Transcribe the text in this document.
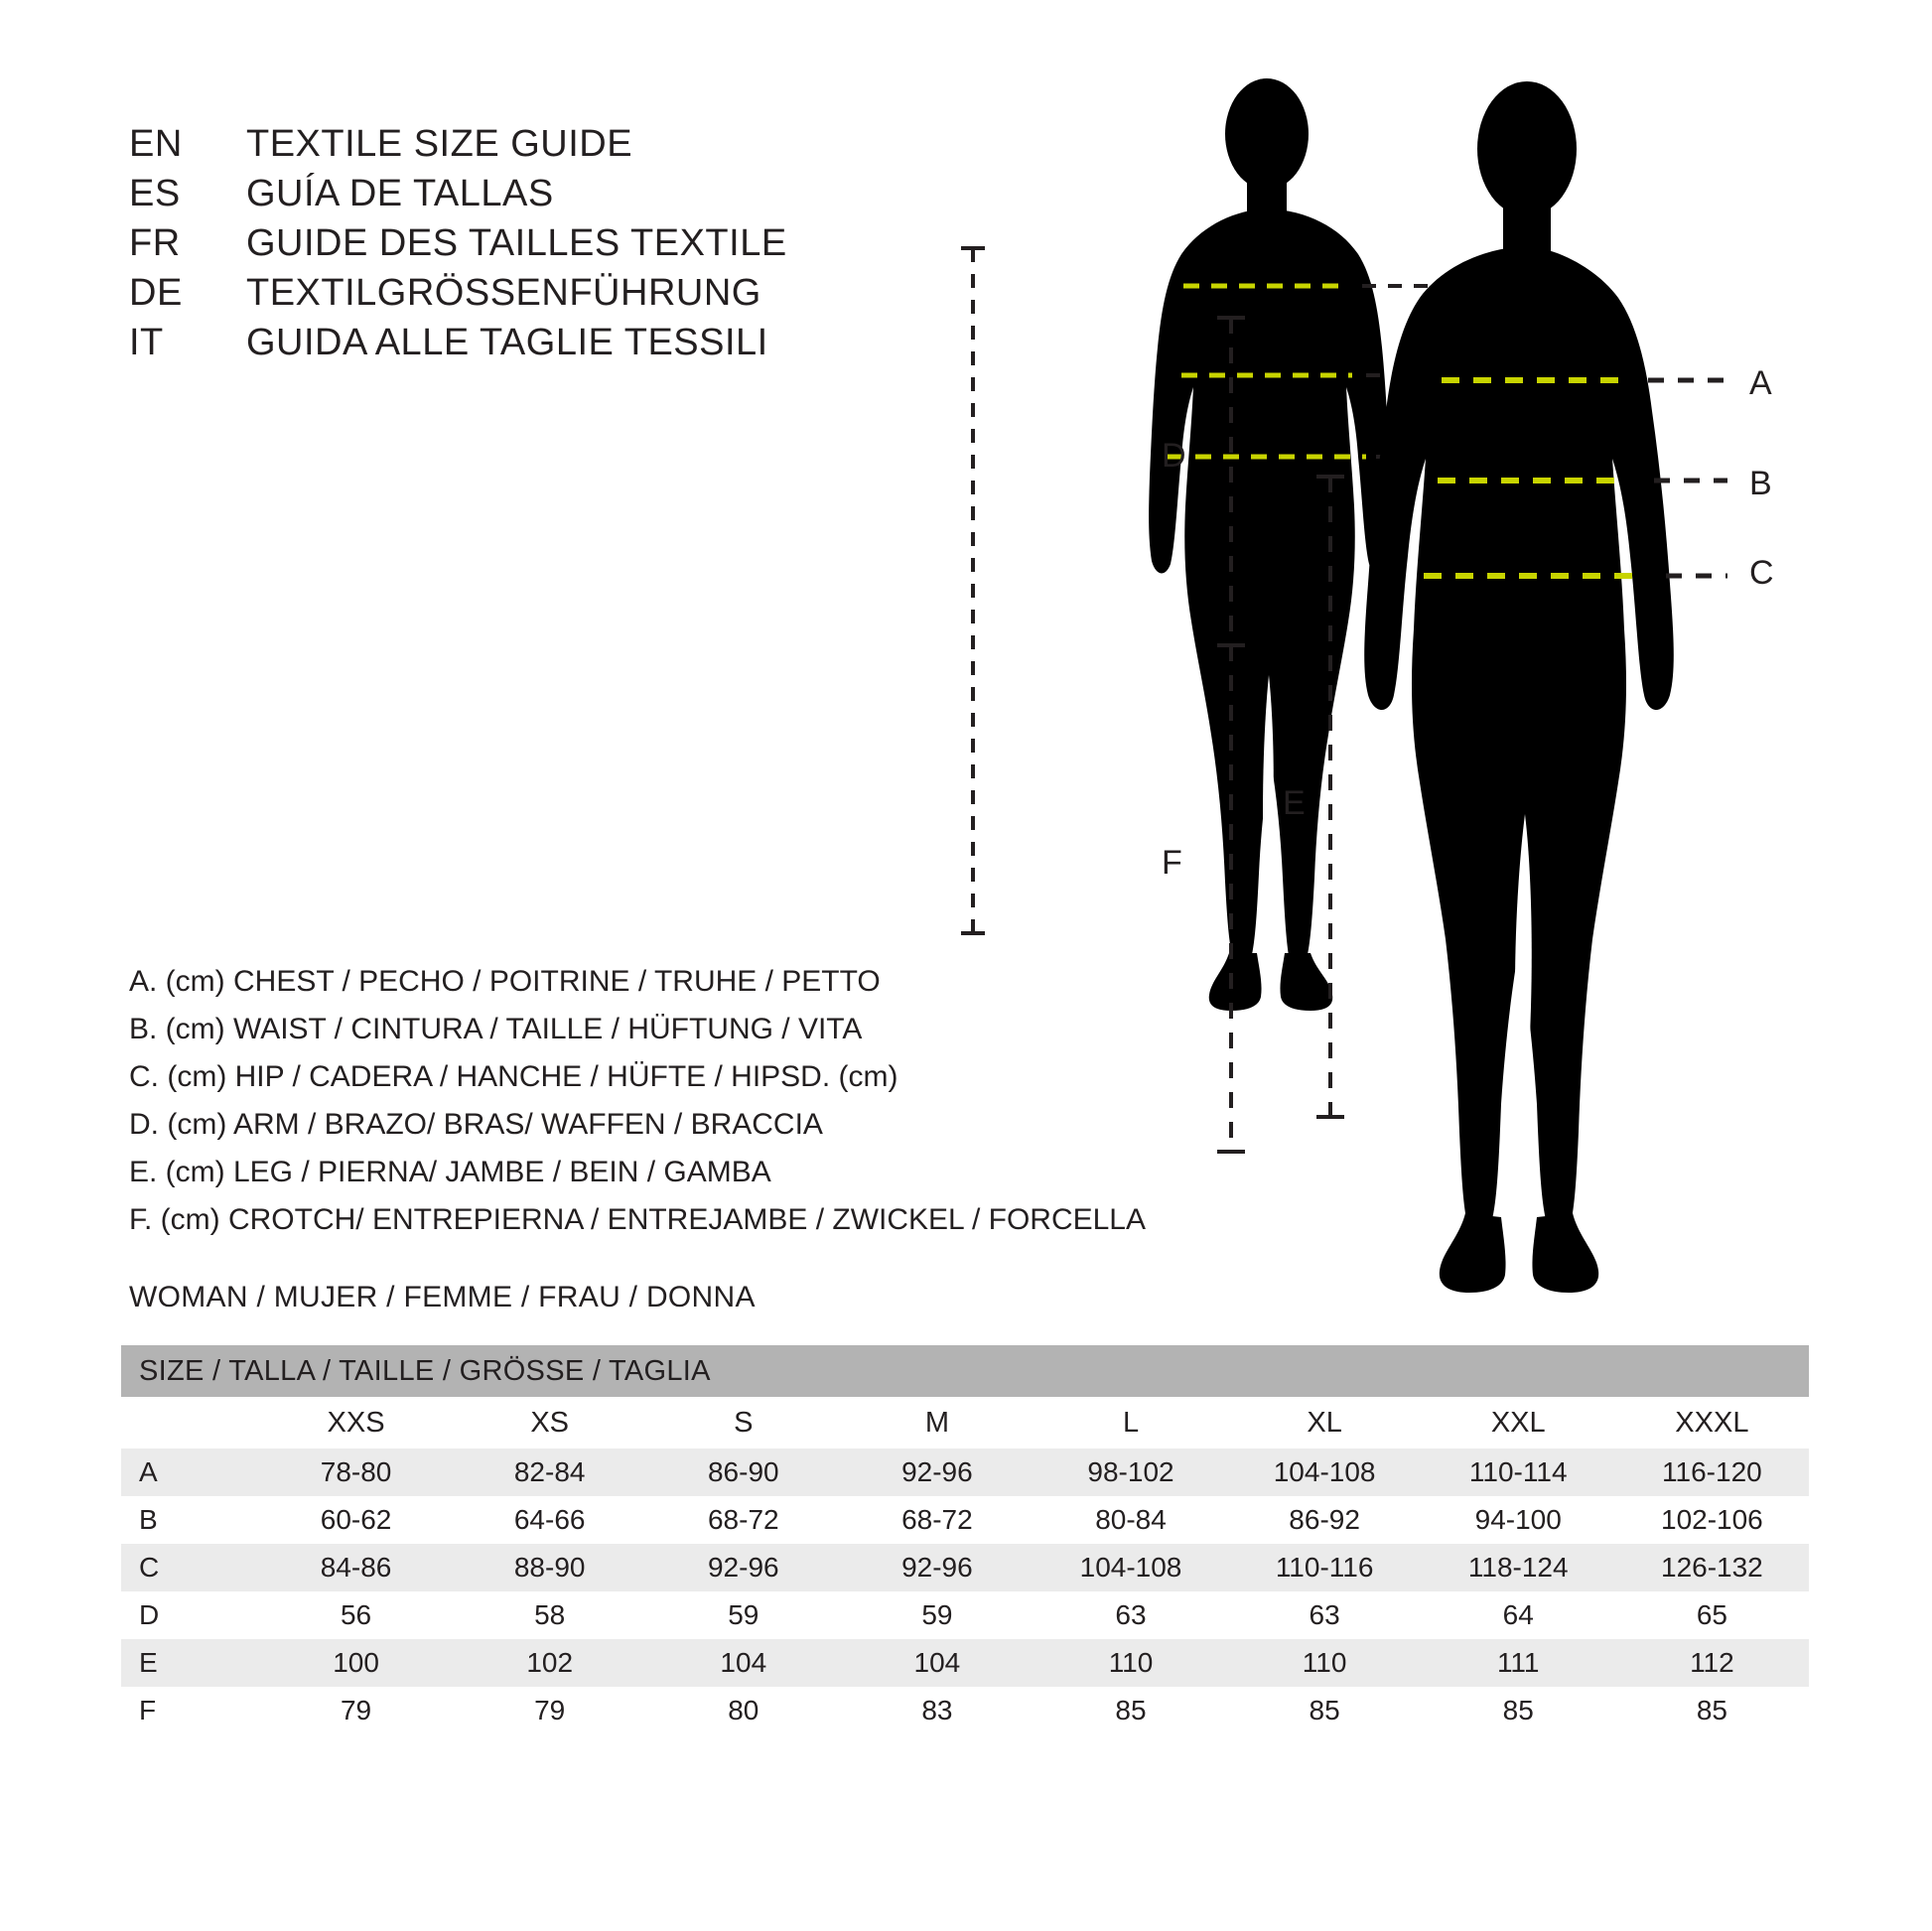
EN	TEXTILE SIZE GUIDE
ES	GUÍA DE TALLAS
FR	GUIDE DES TAILLES TEXTILE
DE	TEXTILGRÖSSENFÜHRUNG
IT	GUIDA ALLE TAGLIE TESSILI
A. (cm) CHEST / PECHO / POITRINE / TRUHE / PETTO
B. (cm) WAIST / CINTURA / TAILLE / HÜFTUNG / VITA
C. (cm) HIP / CADERA / HANCHE / HÜFTE / HIPSD. (cm)
D. (cm) ARM / BRAZO/ BRAS/ WAFFEN / BRACCIA
E. (cm) LEG / PIERNA/ JAMBE / BEIN / GAMBA
F. (cm) CROTCH/ ENTREPIERNA / ENTREJAMBE / ZWICKEL / FORCELLA
WOMAN / MUJER / FEMME / FRAU / DONNA
SIZE / TALLA / TAILLE / GRÖSSE / TAGLIA								
	XXS	XS	S	M	L	XL	XXL	XXXL
A	78-80	82-84	86-90	92-96	98-102	104-108	110-114	116-120
B	60-62	64-66	68-72	68-72	80-84	86-92	94-100	102-106
C	84-86	88-90	92-96	92-96	104-108	110-116	118-124	126-132
D	56	58	59	59	63	63	64	65
E	100	102	104	104	110	110	111	112
F	79	79	80	83	85	85	85	85
D
F
E
A
B
C
